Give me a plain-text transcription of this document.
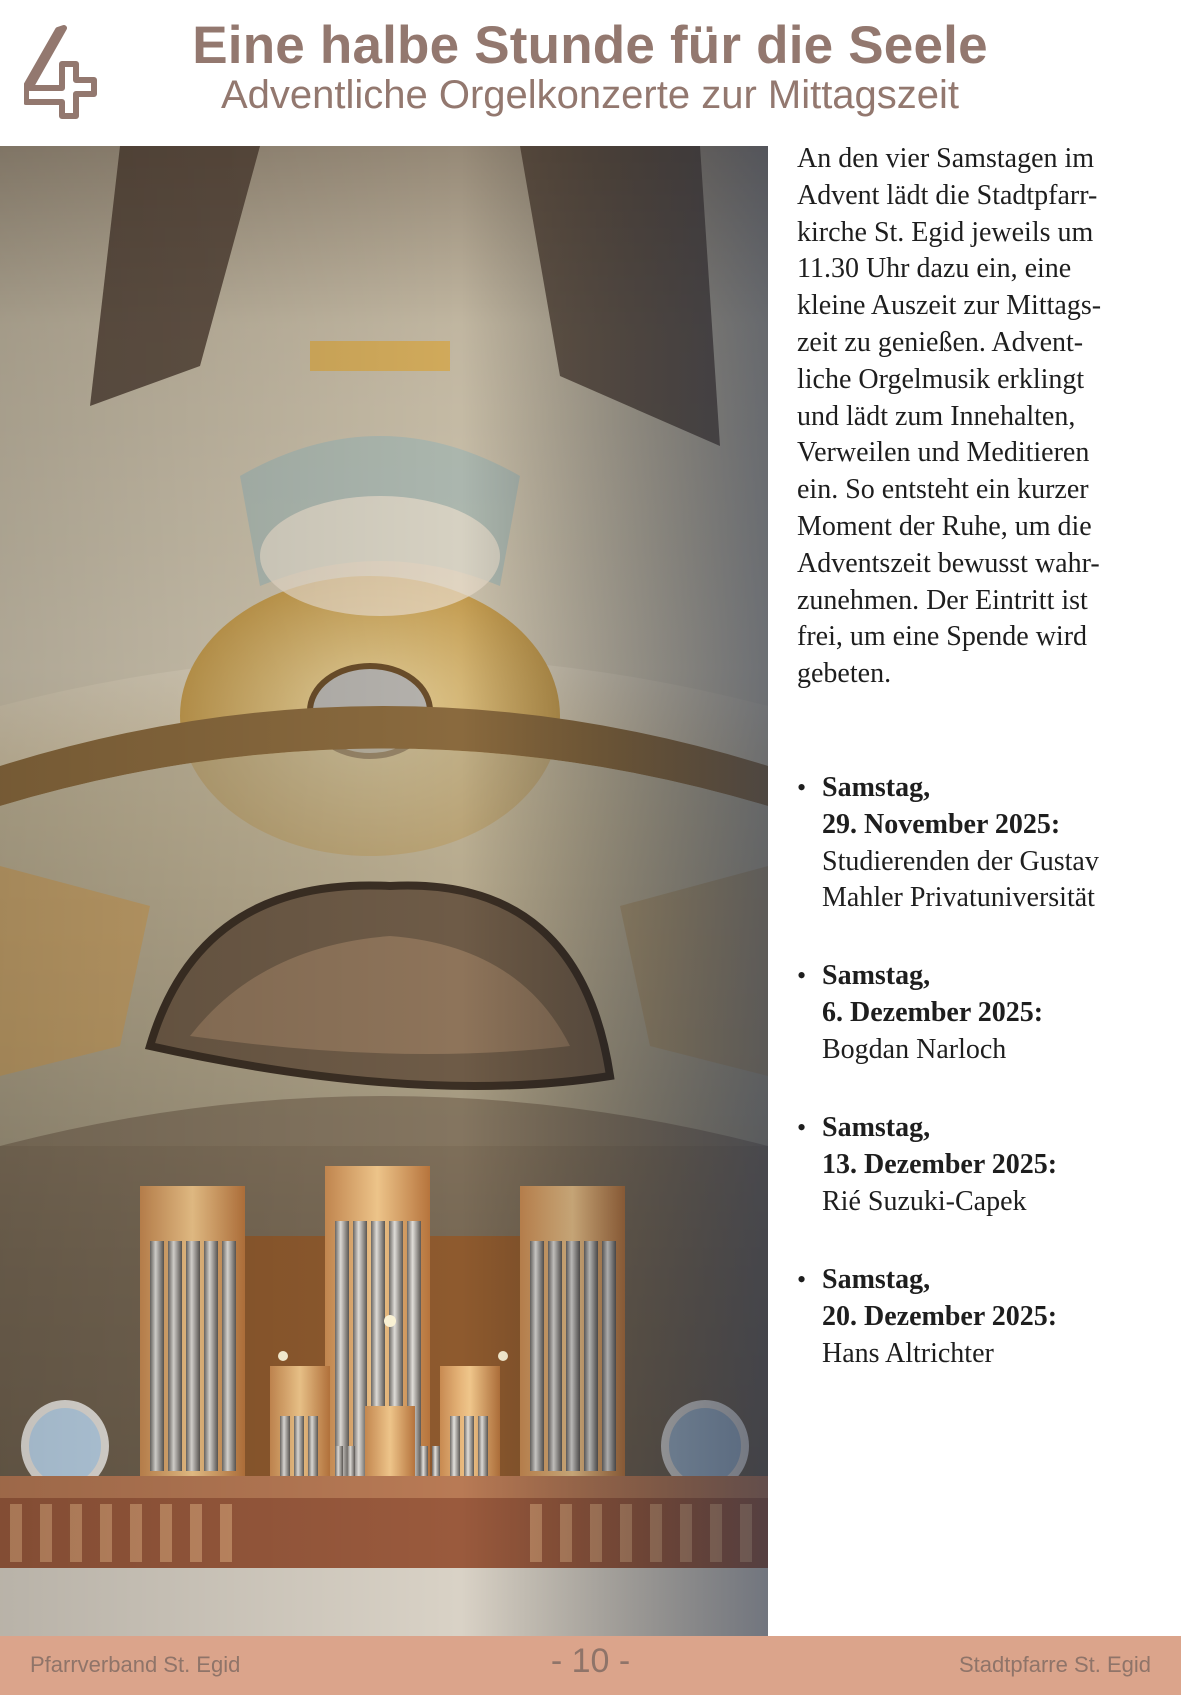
Eine halbe Stunde für die Seele
Adventliche Orgelkonzerte zur Mittagszeit
An den vier Samstagen im
Advent lädt die Stadtpfarr-
kirche St. Egid jeweils um
11.30 Uhr dazu ein, eine
kleine Auszeit zur Mittags-
zeit zu genießen. Advent-
liche Orgelmusik erklingt
und lädt zum Innehalten,
Verweilen und Meditieren
ein. So entsteht ein kurzer
Moment der Ruhe, um die
Adventszeit bewusst wahr-
zunehmen. Der Eintritt ist
frei, um eine Spende wird
gebeten.
• Samstag,
29. November 2025:
Studierenden der Gustav
Mahler Privatuniversität
• Samstag,
6. Dezember 2025:
Bogdan Narloch
• Samstag,
13. Dezember 2025:
Rié Suzuki-Capek
• Samstag,
20. Dezember 2025:
Hans Altrichter
Pfarrverband St. Egid	- 10 -	Stadtpfarre St. Egid
